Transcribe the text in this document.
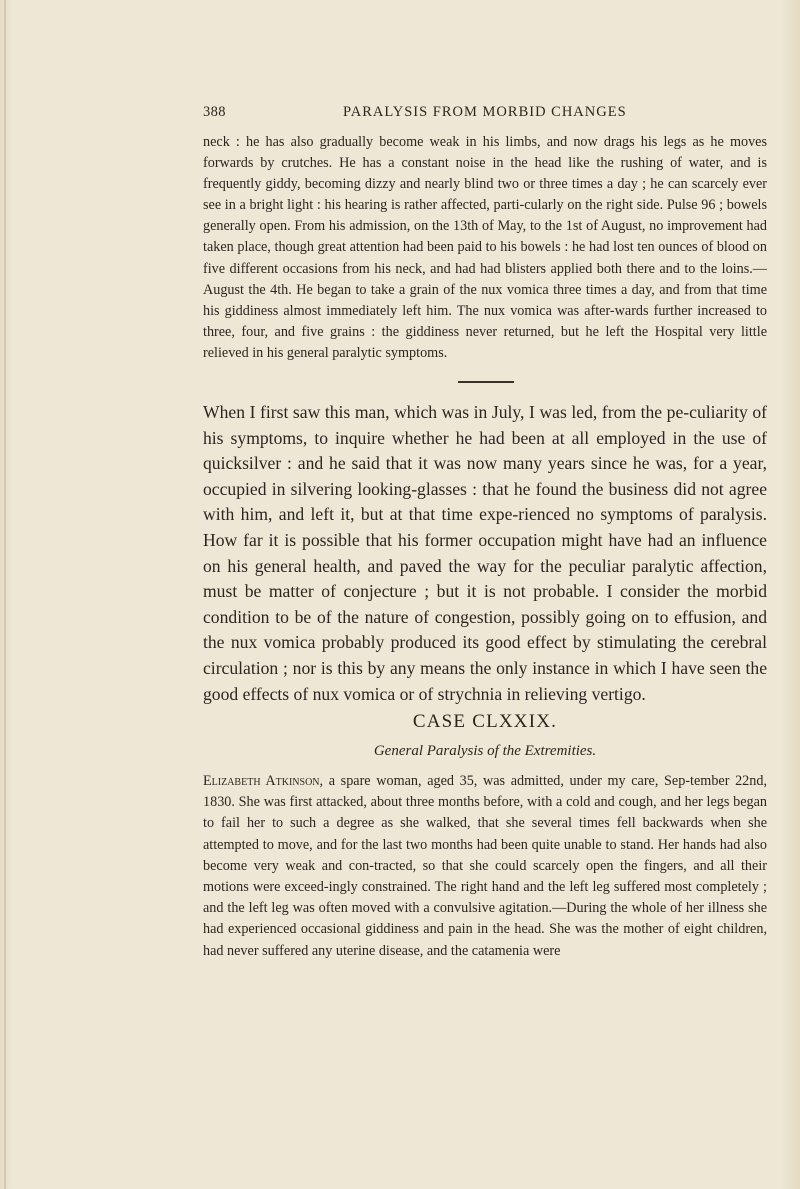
388	PARALYSIS FROM MORBID CHANGES

neck : he has also gradually become weak in his limbs, and now drags his legs as he moves forwards by crutches. He has a constant noise in the head like the rushing of water, and is frequently giddy, becoming dizzy and nearly blind two or three times a day ; he can scarcely ever see in a bright light : his hearing is rather affected, parti-cularly on the right side. Pulse 96 ; bowels generally open. From his admission, on the 13th of May, to the 1st of August, no improvement had taken place, though great attention had been paid to his bowels : he had lost ten ounces of blood on five different occasions from his neck, and had had blisters applied both there and to the loins.—August the 4th. He began to take a grain of the nux vomica three times a day, and from that time his giddiness almost immediately left him. The nux vomica was after-wards further increased to three, four, and five grains : the giddiness never returned, but he left the Hospital very little relieved in his general paralytic symptoms.

When I first saw this man, which was in July, I was led, from the pe-culiarity of his symptoms, to inquire whether he had been at all employed in the use of quicksilver : and he said that it was now many years since he was, for a year, occupied in silvering looking-glasses : that he found the business did not agree with him, and left it, but at that time expe-rienced no symptoms of paralysis. How far it is possible that his former occupation might have had an influence on his general health, and paved the way for the peculiar paralytic affection, must be matter of conjecture ; but it is not probable. I consider the morbid condition to be of the nature of congestion, possibly going on to effusion, and the nux vomica probably produced its good effect by stimulating the cerebral circulation ; nor is this by any means the only instance in which I have seen the good effects of nux vomica or of strychnia in relieving vertigo.

CASE CLXXIX.
General Paralysis of the Extremities.

Elizabeth Atkinson, a spare woman, aged 35, was admitted, under my care, Sep-tember 22nd, 1830. She was first attacked, about three months before, with a cold and cough, and her legs began to fail her to such a degree as she walked, that she several times fell backwards when she attempted to move, and for the last two months had been quite unable to stand. Her hands had also become very weak and con-tracted, so that she could scarcely open the fingers, and all their motions were exceed-ingly constrained. The right hand and the left leg suffered most completely ; and the left leg was often moved with a convulsive agitation.—During the whole of her illness she had experienced occasional giddiness and pain in the head. She was the mother of eight children, had never suffered any uterine disease, and the catamenia were
